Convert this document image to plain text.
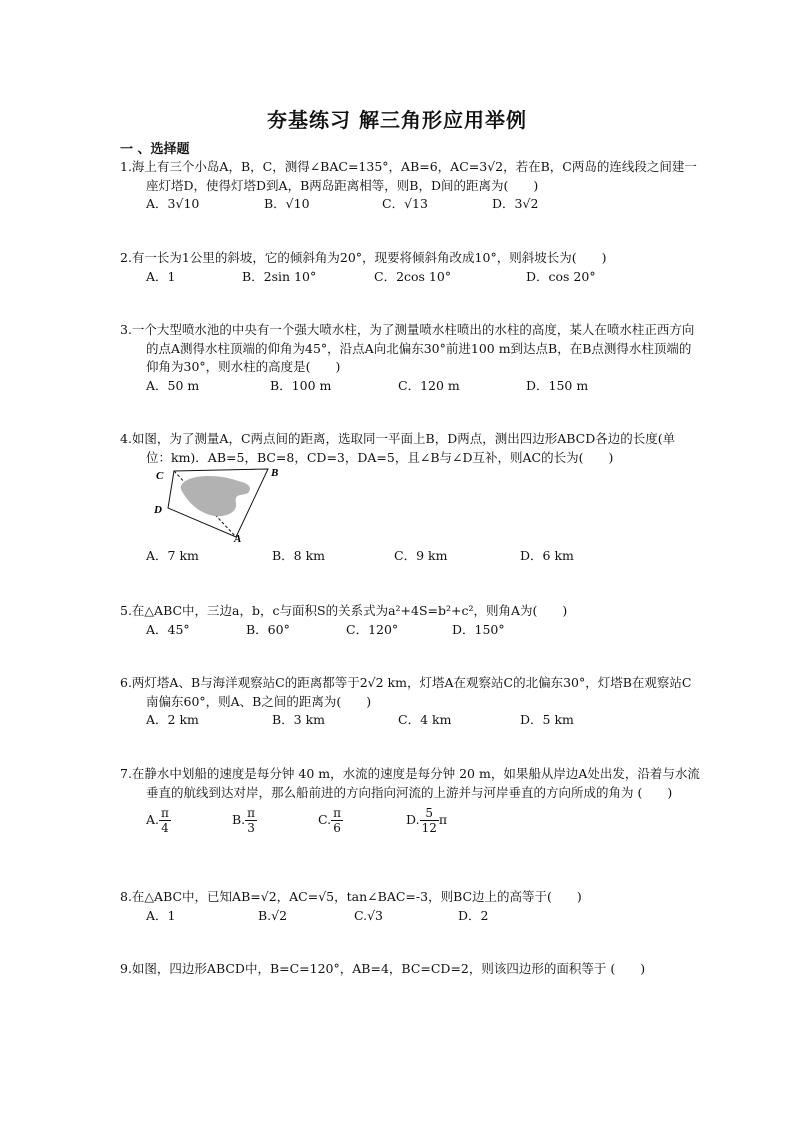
夯基练习 解三角形应用举例
一 、选择题
1.海上有三个小岛A，B，C，测得∠BAC=135°，AB=6，AC=3√2，若在B，C两岛的连线段之间建一座灯塔D，使得灯塔D到A，B两岛距离相等，则B，D间的距离为(　　)
A．3√10	B．√10	C．√13	D．3√2
2.有一长为1公里的斜坡，它的倾斜角为20°，现要将倾斜角改成10°，则斜坡长为(　　)
A．1	B．2sin 10°	C．2cos 10°	D．cos 20°
3.一个大型喷水池的中央有一个强大喷水柱，为了测量喷水柱喷出的水柱的高度，某人在喷水柱正西方向的点A测得水柱顶端的仰角为45°，沿点A向北偏东30°前进100 m到达点B，在B点测得水柱顶端的仰角为30°，则水柱的高度是(　　)
A．50 m	B．100 m	C．120 m	D．150 m
4.如图，为了测量A，C两点间的距离，选取同一平面上B，D两点，测出四边形ABCD各边的长度(单位：km)．AB=5，BC=8，CD=3，DA=5，且∠B与∠D互补，则AC的长为(　　)
C	B
D
A
A．7 km	B．8 km	C．9 km	D．6 km
5.在△ABC中，三边a，b，c与面积S的关系式为a²+4S=b²+c²，则角A为(　　)
A．45°	B．60°	C．120°	D．150°
6.两灯塔A、B与海洋观察站C的距离都等于2√2 km，灯塔A在观察站C的北偏东30°，灯塔B在观察站C南偏东60°，则A、B之间的距离为(　　)
A．2 km	B．3 km	C．4 km	D．5 km
7.在静水中划船的速度是每分钟 40 m，水流的速度是每分钟 20 m，如果船从岸边A处出发，沿着与水流垂直的航线到达对岸，那么船前进的方向指向河流的上游并与河岸垂直的方向所成的角为 (　　)
A. $\frac{\pi}{4}$	B. $\frac{\pi}{3}$	C. $\frac{\pi}{6}$	D. $\frac{5}{12}$ π
8.在△ABC中，已知AB=√2，AC=√5，tan∠BAC=-3，则BC边上的高等于(　　)
A．1	B.√2	C.√3	D．2
9.如图，四边形ABCD中，B=C=120°，AB=4，BC=CD=2，则该四边形的面积等于 (　　)
